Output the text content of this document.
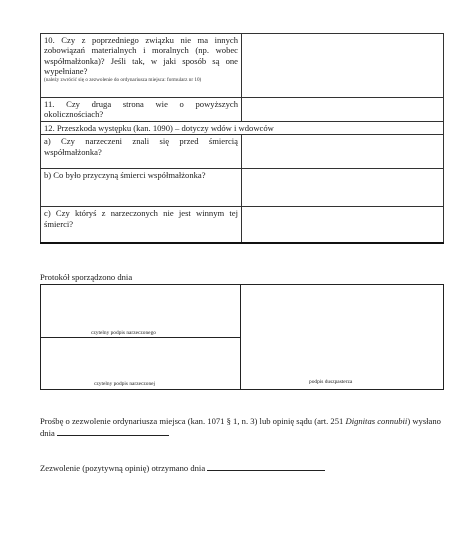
10. Czy z poprzedniego związku nie ma innych zobowiązań materialnych i moralnych (np. wobec współmałżonka)? Jeśli tak, w jaki sposób są one wypełniane?
(należy zwrócić się o zezwolenie do ordynariusza miejsca: formularz nr 10)	

11. Czy druga strona wie o powyższych okolicznościach?	
12. Przeszkoda występku (kan. 1090) – dotyczy wdów i wdowców	
a) Czy narzeczeni znali się przed śmiercią współmałżonka?	
b) Co było przyczyną śmierci współmałżonka?	
c) Czy któryś z narzeczonych nie jest winnym tej śmierci?	
Protokół sporządzono dnia
czytelny podpis narzeczonego
czytelny podpis narzeczonej	podpis duszpasterza
Prośbę o zezwolenie ordynariusza miejsca (kan. 1071 § 1, n. 3) lub opinię sądu (art. 251 Dignitas connubii) wysłano dnia
Zezwolenie (pozytywną opinię) otrzymano dnia
